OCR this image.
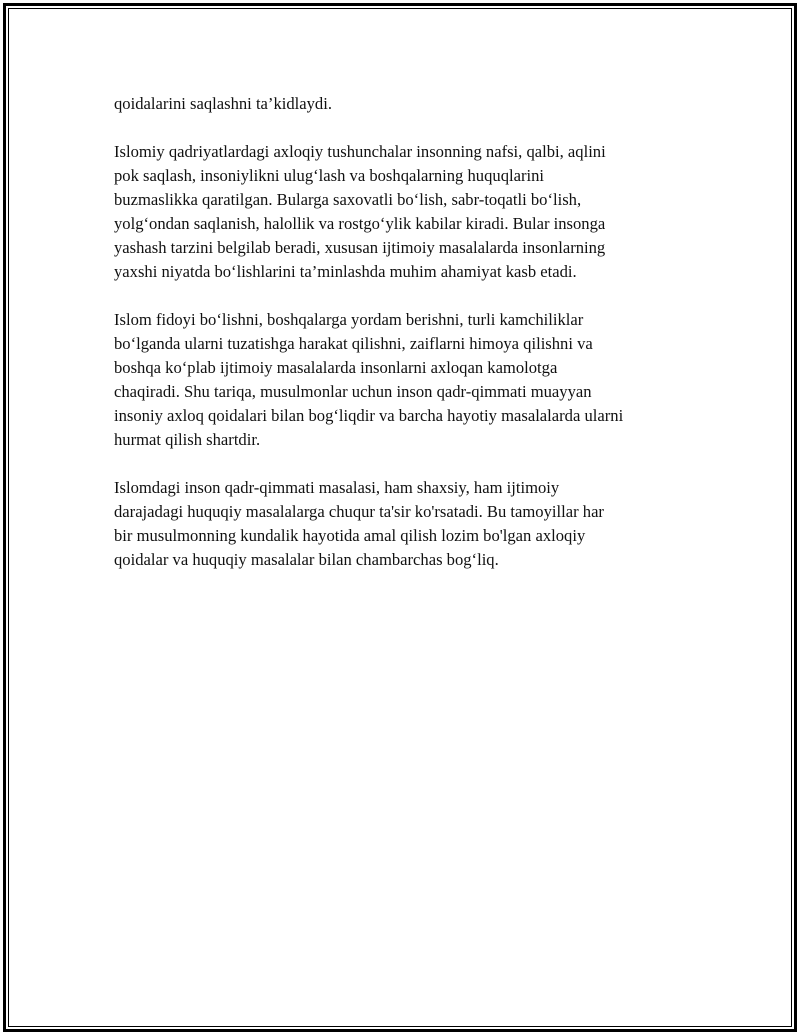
qoidalarini saqlashni ta’kidlaydi.

Islomiy qadriyatlardagi axloqiy tushunchalar insonning nafsi, qalbi, aqlini
pok saqlash, insoniylikni ulug‘lash va boshqalarning huquqlarini
buzmaslikka qaratilgan. Bularga saxovatli bo‘lish, sabr-toqatli bo‘lish,
yolg‘ondan saqlanish, halollik va rostgo‘ylik kabilar kiradi. Bular insonga
yashash tarzini belgilab beradi, xususan ijtimoiy masalalarda insonlarning
yaxshi niyatda bo‘lishlarini ta’minlashda muhim ahamiyat kasb etadi.

Islom fidoyi bo‘lishni, boshqalarga yordam berishni, turli kamchiliklar
bo‘lganda ularni tuzatishga harakat qilishni, zaiflarni himoya qilishni va
boshqa ko‘plab ijtimoiy masalalarda insonlarni axloqan kamolotga
chaqiradi. Shu tariqa, musulmonlar uchun inson qadr-qimmati muayyan
insoniy axloq qoidalari bilan bog‘liqdir va barcha hayotiy masalalarda ularni
hurmat qilish shartdir.

Islomdagi inson qadr-qimmati masalasi, ham shaxsiy, ham ijtimoiy
darajadagi huquqiy masalalarga chuqur ta'sir ko'rsatadi. Bu tamoyillar har
bir musulmonning kundalik hayotida amal qilish lozim bo'lgan axloqiy
qoidalar va huquqiy masalalar bilan chambarchas bog‘liq.
